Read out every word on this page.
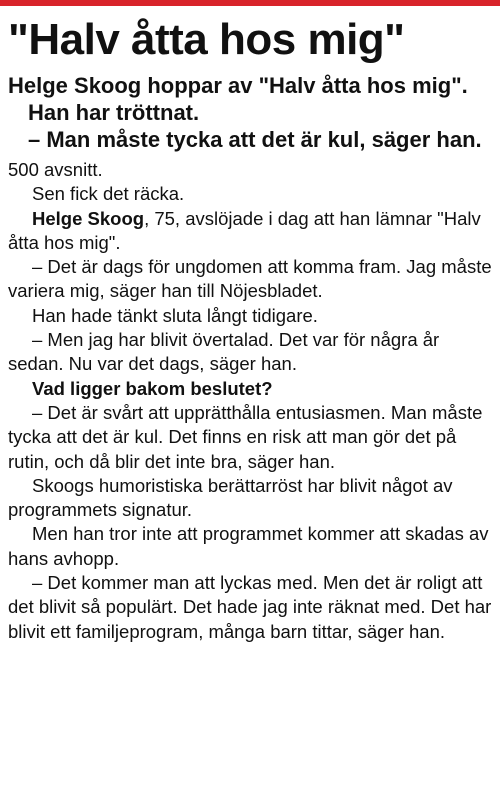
"Halv åtta hos mig"

Helge Skoog hoppar av "Halv åtta hos mig".

Han har tröttnat.

– Man måste tycka att det är kul, säger han.

500 avsnitt.

Sen fick det räcka.

Helge Skoog, 75, avslöjade i dag att han lämnar "Halv åtta hos mig".

– Det är dags för ungdomen att komma fram. Jag måste variera mig, säger han till Nöjesbladet.

Han hade tänkt sluta långt tidigare.

– Men jag har blivit övertalad. Det var för några år sedan. Nu var det dags, säger han.

Vad ligger bakom beslutet?

– Det är svårt att upprätthålla entusiasmen. Man måste tycka att det är kul. Det finns en risk att man gör det på rutin, och då blir det inte bra, säger han.

Skoogs humoristiska berättarröst har blivit något av programmets signatur.

Men han tror inte att programmet kommer att skadas av hans avhopp.

– Det kommer man att lyckas med. Men det är roligt att det blivit så populärt. Det hade jag inte räknat med. Det har blivit ett familjeprogram, många barn tittar, säger han.
